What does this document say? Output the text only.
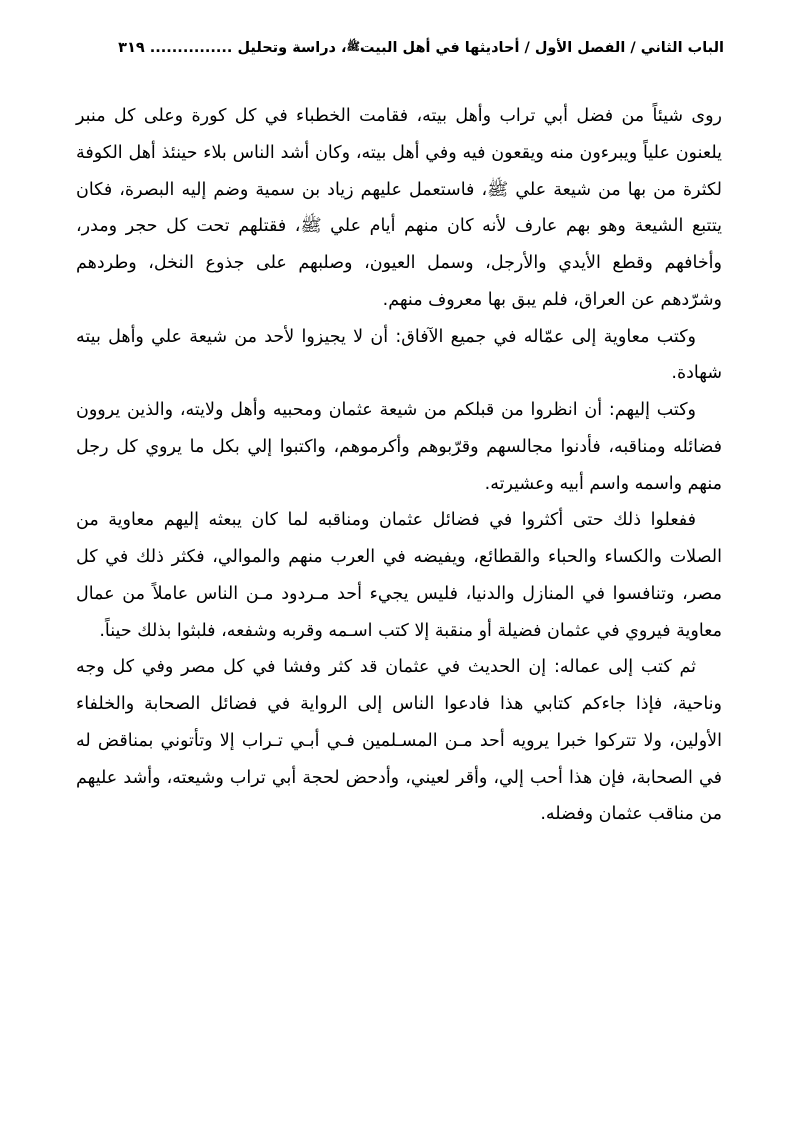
الباب الثاني / الفصل الأول / أحاديثها في أهل البيتﷺ، دراسة وتحليل ............... ٣١٩

روى شيئاً من فضل أبي تراب وأهل بيته، فقامت الخطباء في كل كورة وعلى كل منبر يلعنون علياً ويبرءون منه ويقعون فيه وفي أهل بيته، وكان أشد الناس بلاء حينئذ أهل الكوفة لكثرة من بها من شيعة علي ﷺ، فاستعمل عليهم زياد بن سمية وضم إليه البصرة، فكان يتتبع الشيعة وهو بهم عارف لأنه كان منهم أيام علي ﷺ، فقتلهم تحت كل حجر ومدر، وأخافهم وقطع الأيدي والأرجل، وسمل العيون، وصلبهم على جذوع النخل، وطردهم وشرّدهم عن العراق، فلم يبق بها معروف منهم.

وكتب معاوية إلى عمّاله في جميع الآفاق: أن لا يجيزوا لأحد من شيعة علي وأهل بيته شهادة.

وكتب إليهم: أن انظروا من قبلكم من شيعة عثمان ومحبيه وأهل ولايته، والذين يروون فضائله ومناقبه، فأدنوا مجالسهم وقرّبوهم وأكرموهم، واكتبوا إلي بكل ما يروي كل رجل منهم واسمه واسم أبيه وعشيرته.

ففعلوا ذلك حتى أكثروا في فضائل عثمان ومناقبه لما كان يبعثه إليهم معاوية من الصلات والكساء والحباء والقطائع، ويفيضه في العرب منهم والموالي، فكثر ذلك في كل مصر، وتنافسوا في المنازل والدنيا، فليس يجيء أحد مـردود مـن الناس عاملاً من عمال معاوية فيروي في عثمان فضيلة أو منقبة إلا كتب اسـمه وقربه وشفعه، فلبثوا بذلك حيناً.

ثم كتب إلى عماله: إن الحديث في عثمان قد كثر وفشا في كل مصر وفي كل وجه وناحية، فإذا جاءكم كتابي هذا فادعوا الناس إلى الرواية في فضائل الصحابة والخلفاء الأولين، ولا تتركوا خبرا يرويه أحد مـن المسـلمين فـي أبـي تـراب إلا وتأتوني بمناقض له في الصحابة، فإن هذا أحب إلي، وأقر لعيني، وأدحض لحجة أبي تراب وشيعته، وأشد عليهم من مناقب عثمان وفضله.
